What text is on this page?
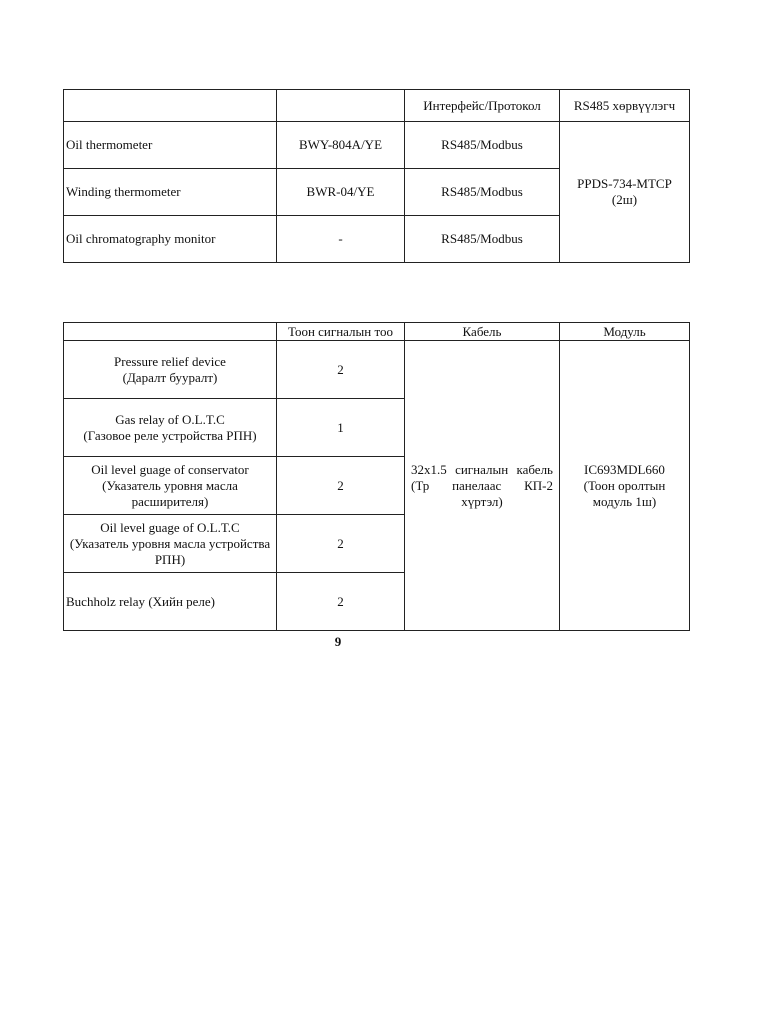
		Интерфейс/Протокол	RS485 хөрвүүлэгч
Oil thermometer	BWY-804A/YE	RS485/Modbus	PPDS-734-MTCP
(2ш)

Winding thermometer	BWR-04/YE	RS485/Modbus	
Oil chromatography monitor	-	RS485/Modbus	
	Тоон сигналын тоо	Кабель	Модуль

Pressure relief device
(Даралт бууралт)	2	32x1.5 сигналын кабель (Тр панелаас КП-2 хүртэл)	IC693MDL660 (Тоон оролтын модуль 1ш)

Gas relay of O.L.T.C
(Газовое реле устройства РПН)	1		

Oil level guage of conservator
(Указатель уровня масла расширителя)	2		

Oil level guage of O.L.T.C
(Указатель уровня масла устройства РПН)	2		
Buchholz relay (Хийн реле)	2		
9
